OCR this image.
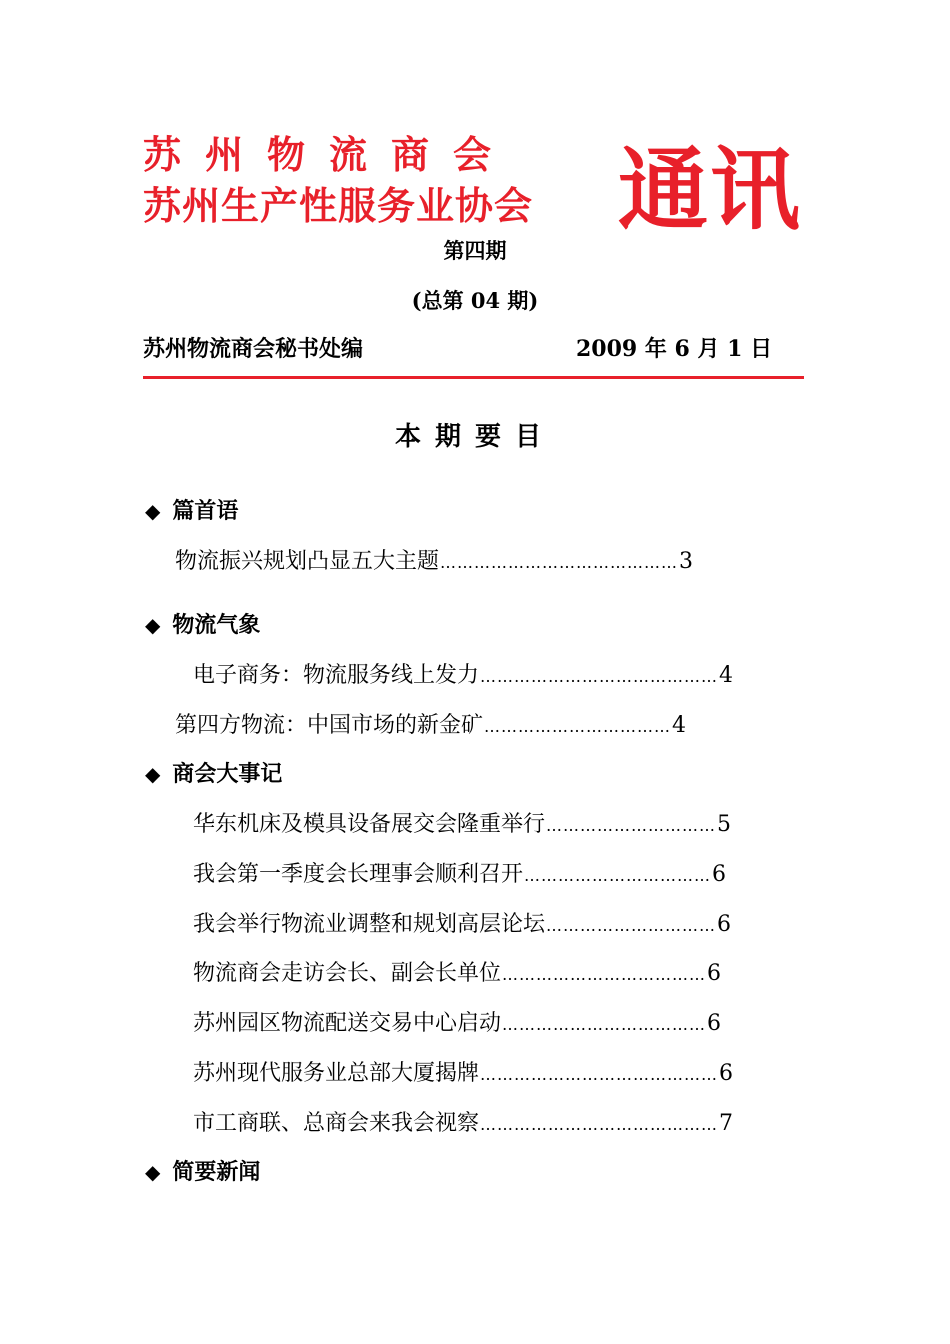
苏州物流商会
苏州生产性服务业协会 通讯
第四期
(总第 04 期)
苏州物流商会秘书处编	2009 年 6 月 1 日
本期要目
◆ 篇首语
物流振兴规划凸显五大主题 …………………………………… 3
◆ 物流气象
电子商务：物流服务线上发力 …………………………………… 4
第四方物流：中国市场的新金矿 …………………………… 4
◆ 商会大事记
华东机床及模具设备展交会隆重举行 ………………………… 5
我会第一季度会长理事会顺利召开 …………………………… 6
我会举行物流业调整和规划高层论坛 ………………………… 6
物流商会走访会长、副会长单位 ……………………………… 6
苏州园区物流配送交易中心启动 ……………………………… 6
苏州现代服务业总部大厦揭牌 …………………………………… 6
市工商联、总商会来我会视察 …………………………………… 7
◆ 简要新闻
